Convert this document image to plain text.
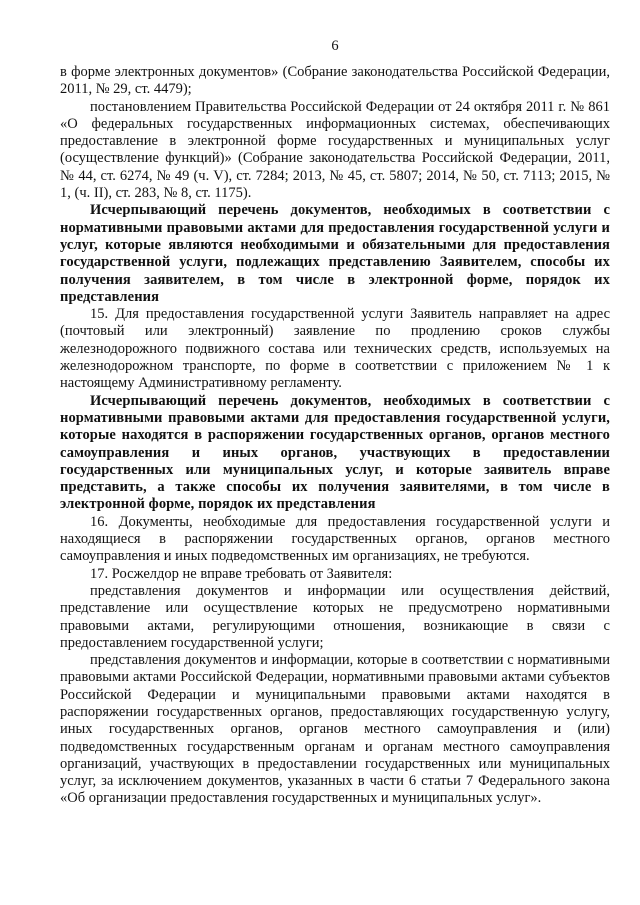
6

в форме электронных документов» (Собрание законодательства Российской Федерации, 2011, № 29, ст. 4479);

постановлением Правительства Российской Федерации от 24 октября 2011 г. № 861 «О федеральных государственных информационных системах, обеспечивающих предоставление в электронной форме государственных и муниципальных услуг (осуществление функций)» (Собрание законодательства Российской Федерации, 2011, № 44, ст. 6274, № 49 (ч. V), ст. 7284; 2013, № 45, ст. 5807; 2014, № 50, ст. 7113; 2015, № 1, (ч. II), ст. 283, № 8, ст. 1175).

Исчерпывающий перечень документов, необходимых в соответствии с нормативными правовыми актами для предоставления государственной услуги и услуг, которые являются необходимыми и обязательными для предоставления государственной услуги, подлежащих представлению Заявителем, способы их получения заявителем, в том числе в электронной форме, порядок их представления

15. Для предоставления государственной услуги Заявитель направляет на адрес (почтовый или электронный) заявление по продлению сроков службы железнодорожного подвижного состава или технических средств, используемых на железнодорожном транспорте, по форме в соответствии с приложением № 1 к настоящему Административному регламенту.

Исчерпывающий перечень документов, необходимых в соответствии с нормативными правовыми актами для предоставления государственной услуги, которые находятся в распоряжении государственных органов, органов местного самоуправления и иных органов, участвующих в предоставлении государственных или муниципальных услуг, и которые заявитель вправе представить, а также способы их получения заявителями, в том числе в электронной форме, порядок их представления

16. Документы, необходимые для предоставления государственной услуги и находящиеся в распоряжении государственных органов, органов местного самоуправления и иных подведомственных им организациях, не требуются.

17. Росжелдор не вправе требовать от Заявителя:

представления документов и информации или осуществления действий, представление или осуществление которых не предусмотрено нормативными правовыми актами, регулирующими отношения, возникающие в связи с предоставлением государственной услуги;

представления документов и информации, которые в соответствии с нормативными правовыми актами Российской Федерации, нормативными правовыми актами субъектов Российской Федерации и муниципальными правовыми актами находятся в распоряжении государственных органов, предоставляющих государственную услугу, иных государственных органов, органов местного самоуправления и (или) подведомственных государственным органам и органам местного самоуправления организаций, участвующих в предоставлении государственных или муниципальных услуг, за исключением документов, указанных в части 6 статьи 7 Федерального закона «Об организации предоставления государственных и муниципальных услуг».
